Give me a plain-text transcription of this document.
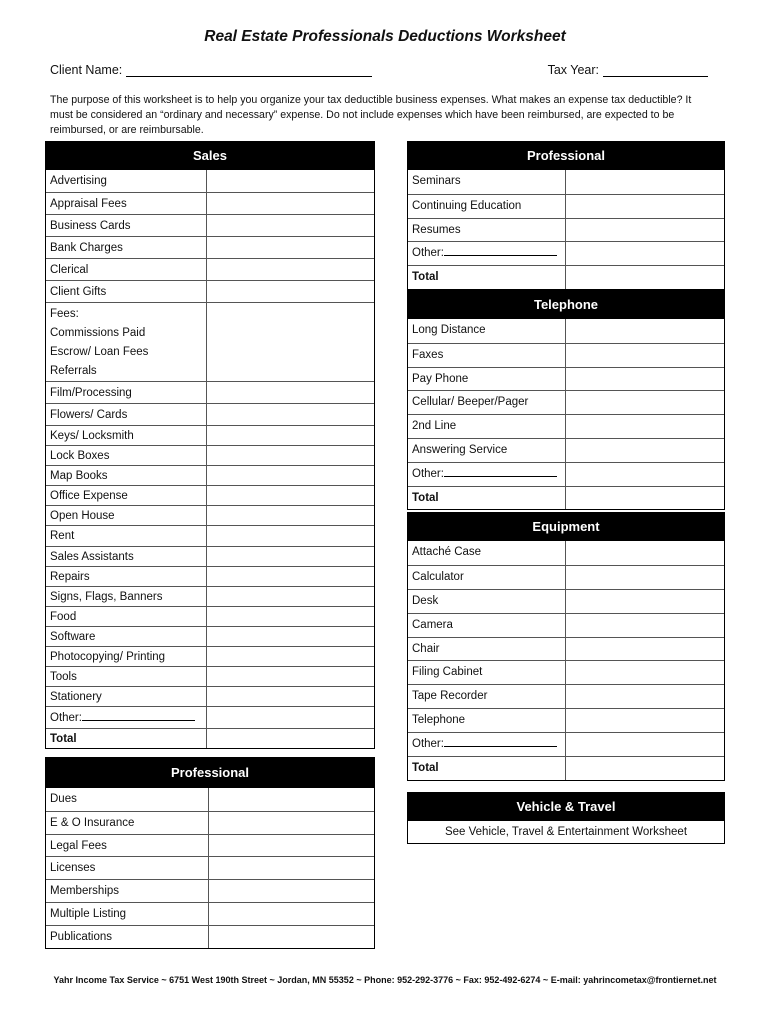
Real Estate Professionals Deductions Worksheet
Client Name:	Tax Year:
The purpose of this worksheet is to help you organize your tax deductible business expenses. What makes an expense tax deductible? It must be considered an “ordinary and necessary” expense. Do not include expenses which have been reimbursed, are expected to be reimbursed, or are reimbursable.
Sales
Advertising
Appraisal Fees
Business Cards
Bank Charges
Clerical
Client Gifts
Fees:
Commissions Paid
Escrow/ Loan Fees
Referrals
Film/Processing
Flowers/ Cards
Keys/ Locksmith
Lock Boxes
Map Books
Office Expense
Open House
Rent
Sales Assistants
Repairs
Signs, Flags, Banners
Food
Software
Photocopying/ Printing
Tools
Stationery
Other:
Total
Professional
Dues
E & O Insurance
Legal Fees
Licenses
Memberships
Multiple Listing
Publications
Professional
Seminars
Continuing Education
Resumes
Other:
Total
Telephone
Long Distance
Faxes
Pay Phone
Cellular/ Beeper/Pager
2nd Line
Answering Service
Other:
Total
Equipment
Attaché Case
Calculator
Desk
Camera
Chair
Filing Cabinet
Tape Recorder
Telephone
Other:
Total
Vehicle & Travel
See Vehicle, Travel & Entertainment Worksheet
Yahr Income Tax Service ~ 6751 West 190th Street ~ Jordan, MN 55352 ~ Phone: 952-292-3776 ~ Fax: 952-492-6274 ~ E-mail: yahrincometax@frontiernet.net
